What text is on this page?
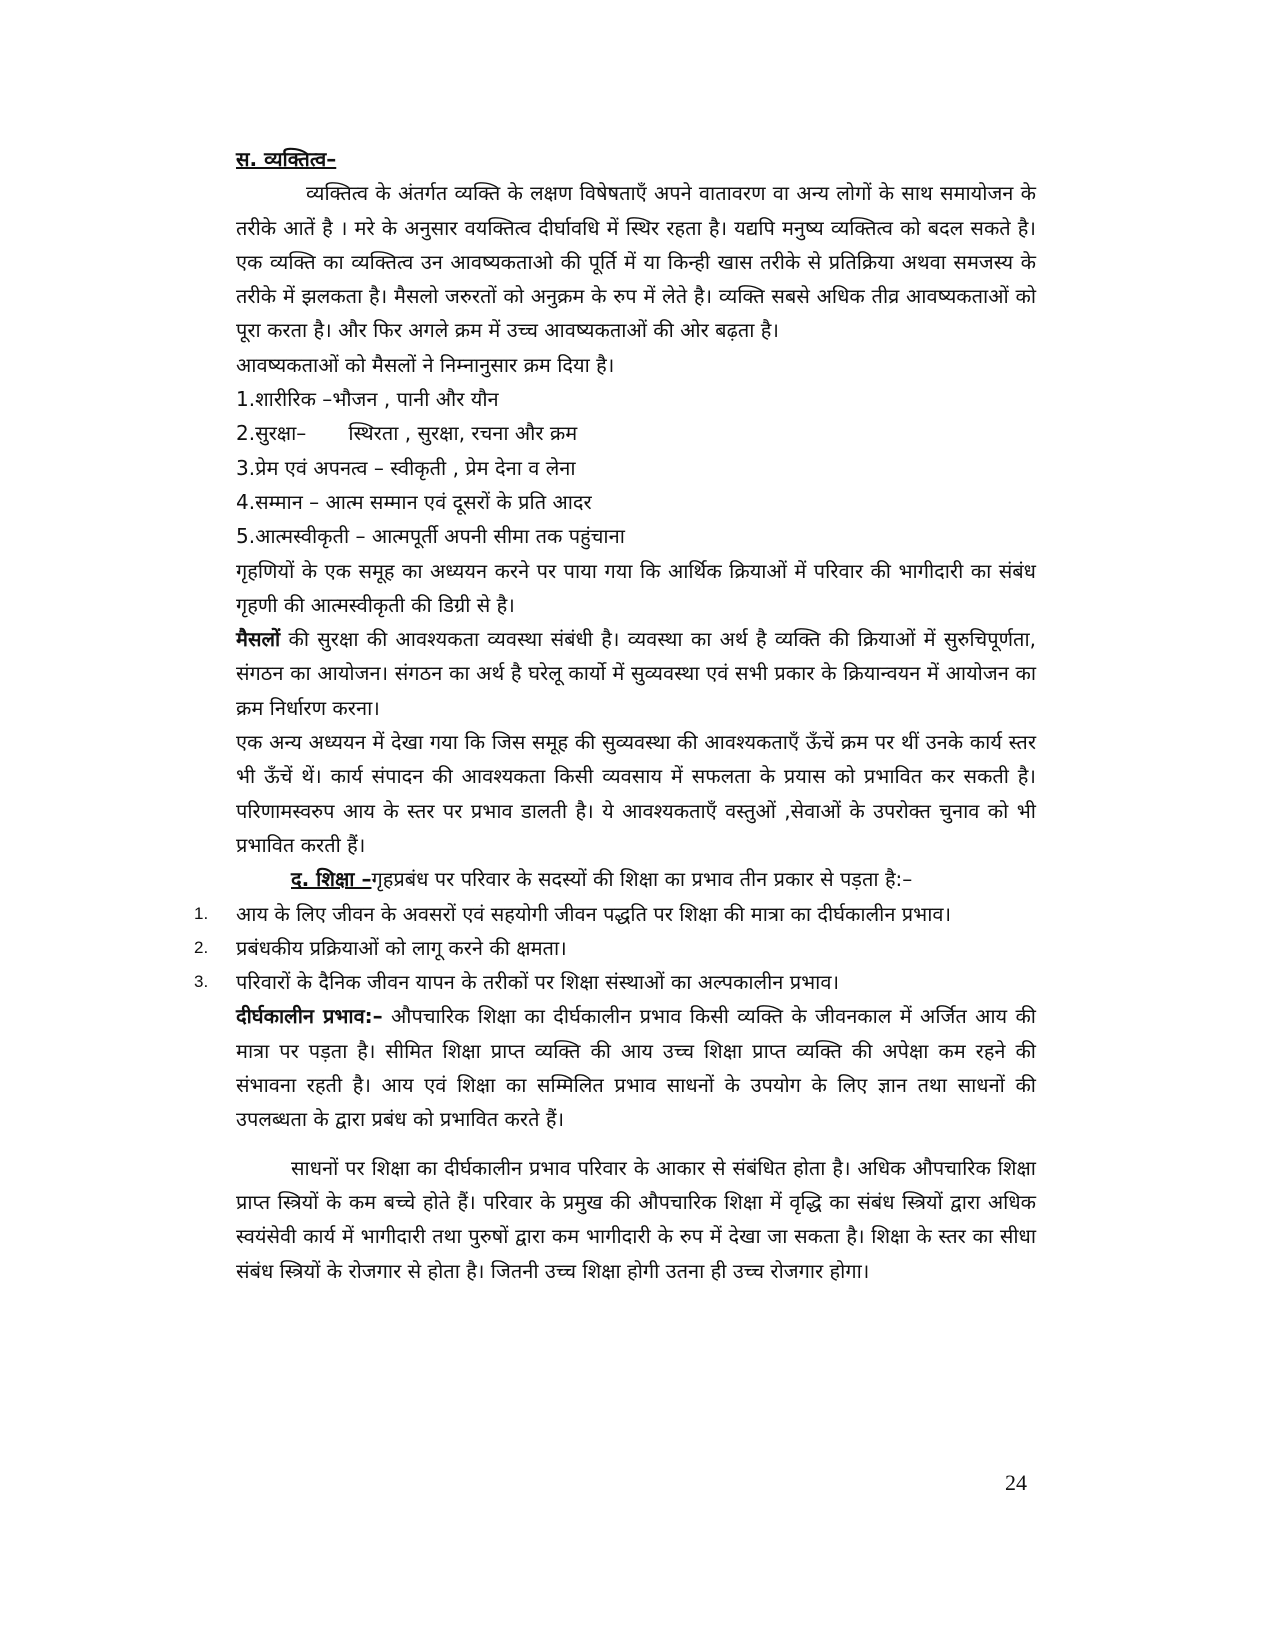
स. व्यक्तित्व–

व्यक्तित्व के अंतर्गत व्यक्ति के लक्षण विषेषताएँ अपने वातावरण वा अन्य लोगों के साथ समायोजन के तरीके आतें है । मरे के अनुसार वयक्तित्व दीर्घावधि में स्थिर रहता है। यद्यपि मनुष्य व्यक्तित्व को बदल सकते है। एक व्यक्ति का व्यक्तित्व उन आवष्यकताओ की पूर्ति में या किन्ही खास तरीके से प्रतिक्रिया अथवा समजस्य के तरीके में झलकता है। मैसलो जरुरतों को अनुक्रम के रुप में लेते है। व्यक्ति सबसे अधिक तीव्र आवष्यकताओं को पूरा करता है। और फिर अगले क्रम में उच्च आवष्यकताओं की ओर बढ़ता है।

आवष्यकताओं को मैसलों ने निम्नानुसार क्रम दिया है।

1.शारीरिक –भौजन , पानी और यौन
2.सुरक्षा– स्थिरता , सुरक्षा, रचना और क्रम
3.प्रेम एवं अपनत्व – स्वीकृती , प्रेम देना व लेना
4.सम्मान – आत्म सम्मान एवं दूसरों के प्रति आदर
5.आत्मस्वीकृती – आत्मपूर्ती अपनी सीमा तक पहुंचाना

गृहणियों के एक समूह का अध्ययन करने पर पाया गया कि आर्थिक क्रियाओं में परिवार की भागीदारी का संबंध गृहणी की आत्मस्वीकृती की डिग्री से है।

मैसलों की सुरक्षा की आवश्यकता व्यवस्था संबंधी है। व्यवस्था का अर्थ है व्यक्ति की क्रियाओं में सुरुचिपूर्णता, संगठन का आयोजन। संगठन का अर्थ है घरेलू कार्यो में सुव्यवस्था एवं सभी प्रकार के क्रियान्वयन में आयोजन का क्रम निर्धारण करना।

एक अन्य अध्ययन में देखा गया कि जिस समूह की सुव्यवस्था की आवश्यकताएँ ऊँचें क्रम पर थीं उनके कार्य स्तर भी ऊँचें थें। कार्य संपादन की आवश्यकता किसी व्यवसाय में सफलता के प्रयास को प्रभावित कर सकती है।परिणामस्वरुप आय के स्तर पर प्रभाव डालती है। ये आवश्यकताएँ वस्तुओं ,सेवाओं के उपरोक्त चुनाव को भी प्रभावित करती हैं।

द. शिक्षा –गृहप्रबंध पर परिवार के सदस्यों की शिक्षा का प्रभाव तीन प्रकार से पड़ता है:–

1. आय के लिए जीवन के अवसरों एवं सहयोगी जीवन पद्धति पर शिक्षा की मात्रा का दीर्घकालीन प्रभाव।
2. प्रबंधकीय प्रक्रियाओं को लागू करने की क्षमता।
3. परिवारों के दैनिक जीवन यापन के तरीकों पर शिक्षा संस्थाओं का अल्पकालीन प्रभाव।

दीर्घकालीन प्रभाव:– औपचारिक शिक्षा का दीर्घकालीन प्रभाव किसी व्यक्ति के जीवनकाल में अर्जित आय की मात्रा पर पड़ता है। सीमित शिक्षा प्राप्त व्यक्ति की आय उच्च शिक्षा प्राप्त व्यक्ति की अपेक्षा कम रहने की संभावना रहती है। आय एवं शिक्षा का सम्मिलित प्रभाव साधनों के उपयोग के लिए ज्ञान तथा साधनों की उपलब्धता के द्वारा प्रबंध को प्रभावित करते हैं।

साधनों पर शिक्षा का दीर्घकालीन प्रभाव परिवार के आकार से संबंधित होता है। अधिक औपचारिक शिक्षा प्राप्त स्त्रियों के कम बच्चे होते हैं। परिवार के प्रमुख की औपचारिक शिक्षा में वृद्धि का संबंध स्त्रियों द्वारा अधिक स्वयंसेवी कार्य में भागीदारी तथा पुरुषों द्वारा कम भागीदारी के रुप में देखा जा सकता है। शिक्षा के स्तर का सीधा संबंध स्त्रियों के रोजगार से होता है। जितनी उच्च शिक्षा होगी उतना ही उच्च रोजगार होगा।

24
